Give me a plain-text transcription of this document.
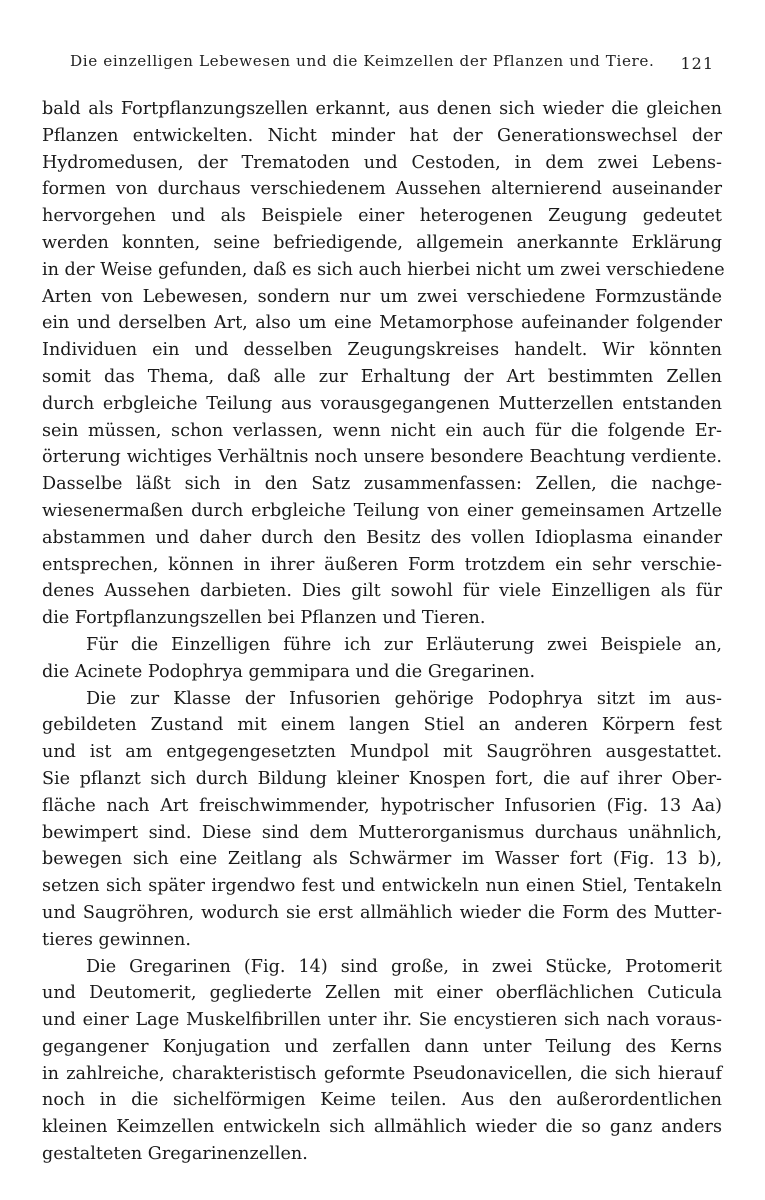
Die einzelligen Lebewesen und die Keimzellen der Pflanzen und Tiere. 121
bald als Fortpflanzungszellen erkannt, aus denen sich wieder die gleichen
Pflanzen entwickelten. Nicht minder hat der Generationswechsel der
Hydromedusen, der Trematoden und Cestoden, in dem zwei Lebens-
formen von durchaus verschiedenem Aussehen alternierend auseinander
hervorgehen und als Beispiele einer heterogenen Zeugung gedeutet
werden konnten, seine befriedigende, allgemein anerkannte Erklärung
in der Weise gefunden, daß es sich auch hierbei nicht um zwei verschiedene
Arten von Lebewesen, sondern nur um zwei verschiedene Formzustände
ein und derselben Art, also um eine Metamorphose aufeinander folgender
Individuen ein und desselben Zeugungskreises handelt. Wir könnten
somit das Thema, daß alle zur Erhaltung der Art bestimmten Zellen
durch erbgleiche Teilung aus vorausgegangenen Mutterzellen entstanden
sein müssen, schon verlassen, wenn nicht ein auch für die folgende Er-
örterung wichtiges Verhältnis noch unsere besondere Beachtung verdiente.
Dasselbe läßt sich in den Satz zusammenfassen: Zellen, die nachge-
wiesenermaßen durch erbgleiche Teilung von einer gemeinsamen Artzelle
abstammen und daher durch den Besitz des vollen Idioplasma einander
entsprechen, können in ihrer äußeren Form trotzdem ein sehr verschie-
denes Aussehen darbieten. Dies gilt sowohl für viele Einzelligen als für
die Fortpflanzungszellen bei Pflanzen und Tieren.
Für die Einzelligen führe ich zur Erläuterung zwei Beispiele an,
die Acinete Podophrya gemmipara und die Gregarinen.
Die zur Klasse der Infusorien gehörige Podophrya sitzt im aus-
gebildeten Zustand mit einem langen Stiel an anderen Körpern fest
und ist am entgegengesetzten Mundpol mit Saugröhren ausgestattet.
Sie pflanzt sich durch Bildung kleiner Knospen fort, die auf ihrer Ober-
fläche nach Art freischwimmender, hypotrischer Infusorien (Fig. 13 Aa)
bewimpert sind. Diese sind dem Mutterorganismus durchaus unähnlich,
bewegen sich eine Zeitlang als Schwärmer im Wasser fort (Fig. 13 b),
setzen sich später irgendwo fest und entwickeln nun einen Stiel, Tentakeln
und Saugröhren, wodurch sie erst allmählich wieder die Form des Mutter-
tieres gewinnen.
Die Gregarinen (Fig. 14) sind große, in zwei Stücke, Protomerit
und Deutomerit, gegliederte Zellen mit einer oberflächlichen Cuticula
und einer Lage Muskelfibrillen unter ihr. Sie encystieren sich nach voraus-
gegangener Konjugation und zerfallen dann unter Teilung des Kerns
in zahlreiche, charakteristisch geformte Pseudonavicellen, die sich hierauf
noch in die sichelförmigen Keime teilen. Aus den außerordentlichen
kleinen Keimzellen entwickeln sich allmählich wieder die so ganz anders
gestalteten Gregarinenzellen.
